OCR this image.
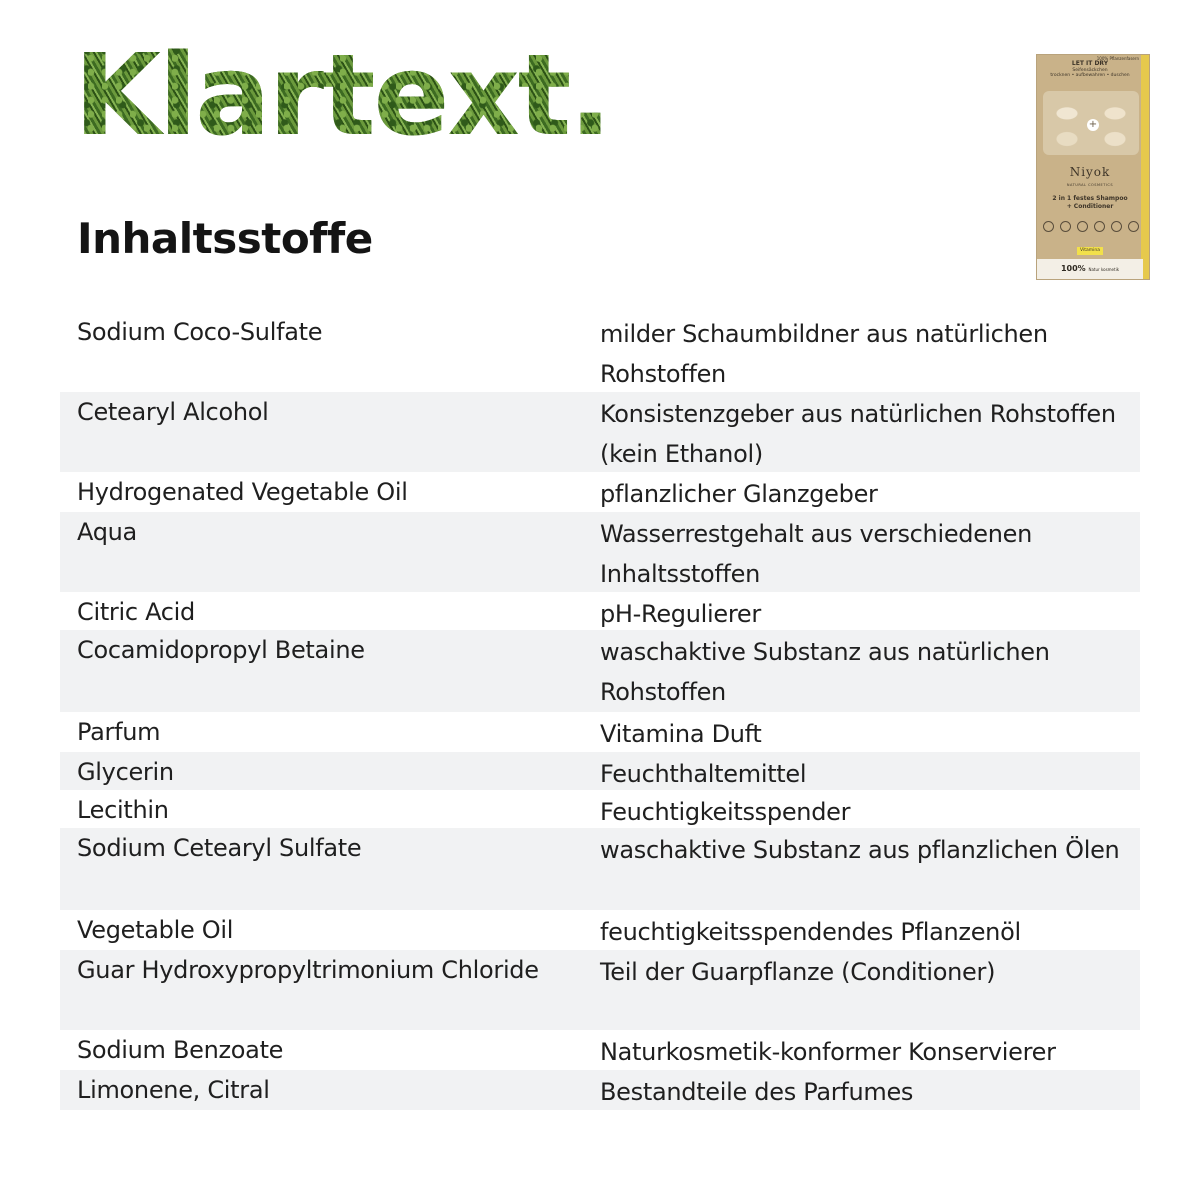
Klartext.
Inhaltsstoffe
LET IT DRY
Seifensäckchen
trocknen • aufbewahren • duschen
100% Pflanzenfasern
+
Niyok
NATURAL COSMETICS
2 in 1 festes Shampoo
+ Conditioner
Vitamina
100% Natur kosmetik
Sodium Coco-Sulfate	milder Schaumbildner aus natürlichen Rohstoffen
Cetearyl Alcohol	Konsistenzgeber aus natürlichen Rohstoffen (kein Ethanol)
Hydrogenated Vegetable Oil	pflanzlicher Glanzgeber
Aqua	Wasserrestgehalt aus verschiedenen Inhaltsstoffen
Citric Acid	pH-Regulierer
Cocamidopropyl Betaine	waschaktive Substanz aus natürlichen Rohstoffen
Parfum	Vitamina Duft
Glycerin	Feuchthaltemittel
Lecithin	Feuchtigkeitsspender
Sodium Cetearyl Sulfate	waschaktive Substanz aus pflanzlichen Ölen
Vegetable Oil	feuchtigkeitsspendendes Pflanzenöl
Guar Hydroxypropyltrimonium Chloride	Teil der Guarpflanze (Conditioner)
Sodium Benzoate	Naturkosmetik-konformer Konservierer
Limonene, Citral	Bestandteile des Parfumes
